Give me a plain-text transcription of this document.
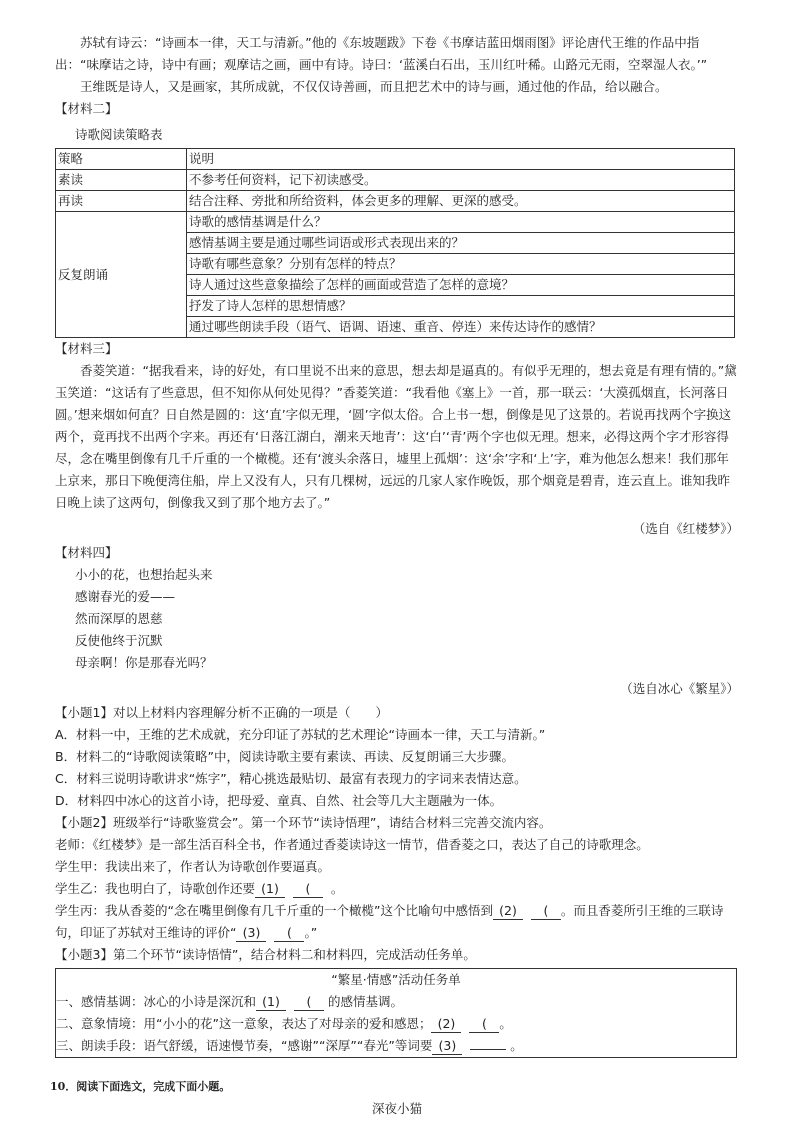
苏轼有诗云：“诗画本一律，天工与清新。”他的《东坡题跋》下卷《书摩诘蓝田烟雨图》评论唐代王维的作品中指出：“味摩诘之诗，诗中有画；观摩诘之画，画中有诗。诗曰：‘蓝溪白石出，玉川红叶稀。山路元无雨，空翠湿人衣。’”

王维既是诗人，又是画家，其所成就，不仅仅诗善画，而且把艺术中的诗与画，通过他的作品，给以融合。

【材料二】
诗歌阅读策略表
策略	说明
素读	不参考任何资料，记下初读感受。
再读	结合注释、旁批和所给资料，体会更多的理解、更深的感受。
反复朗诵	诗歌的感情基调是什么？
	感情基调主要是通过哪些词语或形式表现出来的？
	诗歌有哪些意象？分别有怎样的特点？
	诗人通过这些意象描绘了怎样的画面或营造了怎样的意境？
	抒发了诗人怎样的思想情感？
	通过哪些朗读手段（语气、语调、语速、重音、停连）来传达诗作的感情？
【材料三】

香菱笑道：“据我看来，诗的好处，有口里说不出来的意思，想去却是逼真的。有似乎无理的，想去竟是有理有情的。”黛玉笑道：“这话有了些意思，但不知你从何处见得？”香菱笑道：“我看他《塞上》一首，那一联云：‘大漠孤烟直，长河落日圆。’想来烟如何直？日自然是圆的：这‘直’字似无理，‘圆’字似太俗。合上书一想，倒像是见了这景的。若说再找两个字换这两个，竟再找不出两个字来。再还有‘日落江湖白，潮来天地青’：这‘白’‘青’两个字也似无理。想来，必得这两个字才形容得尽，念在嘴里倒像有几千斤重的一个橄榄。还有‘渡头余落日，墟里上孤烟’：这‘余’字和‘上’字，难为他怎么想来！我们那年上京来，那日下晚便湾住船，岸上又没有人，只有几棵树，远远的几家人家作晚饭，那个烟竟是碧青，连云直上。谁知我昨日晚上读了这两句，倒像我又到了那个地方去了。”

（选自《红楼梦》）
【材料四】

小小的花，也想抬起头来

感谢春光的爱——

然而深厚的恩慈

反使他终于沉默

母亲啊！你是那春光吗？

（选自冰心《繁星》）

【小题1】对以上材料内容理解分析不正确的一项是（　　）

A．材料一中，王维的艺术成就，充分印证了苏轼的艺术理论“诗画本一律，天工与清新。”

B．材料二的“诗歌阅读策略”中，阅读诗歌主要有素读、再读、反复朗诵三大步骤。

C．材料三说明诗歌讲求“炼字”，精心挑选最贴切、最富有表现力的字词来表情达意。

D．材料四中冰心的这首小诗，把母爱、童真、自然、社会等几大主题融为一体。

【小题2】班级举行“诗歌鉴赏会”。第一个环节“读诗悟理”，请结合材料三完善交流内容。

老师：《红楼梦》是一部生活百科全书，作者通过香菱读诗这一情节，借香菱之口，表达了自己的诗歌理念。

学生甲：我读出来了，作者认为诗歌创作要逼真。

学生乙：我也明白了，诗歌创作还要 (1) ( 。

学生丙：我从香菱的“念在嘴里倒像有几千斤重的一个橄榄”这个比喻句中感悟到 (2) ( 。而且香菱所引王维的三联诗句，印证了苏轼对王维诗的评价“ (3) ( 。”

【小题3】第二个环节“读诗悟情”，结合材料二和材料四，完成活动任务单。

“繁星·情感”活动任务单

一、感情基调：冰心的小诗是深沉和 (1) ( 的感情基调。

二、意象情境：用“小小的花”这一意象，表达了对母亲的爱和感恩； (2) ( 。

三、朗读手段：语气舒缓，语速慢节奏，“感谢”“深厚”“春光”等词要 (3)	。

10．阅读下面选文，完成下面小题。
深夜小猫
